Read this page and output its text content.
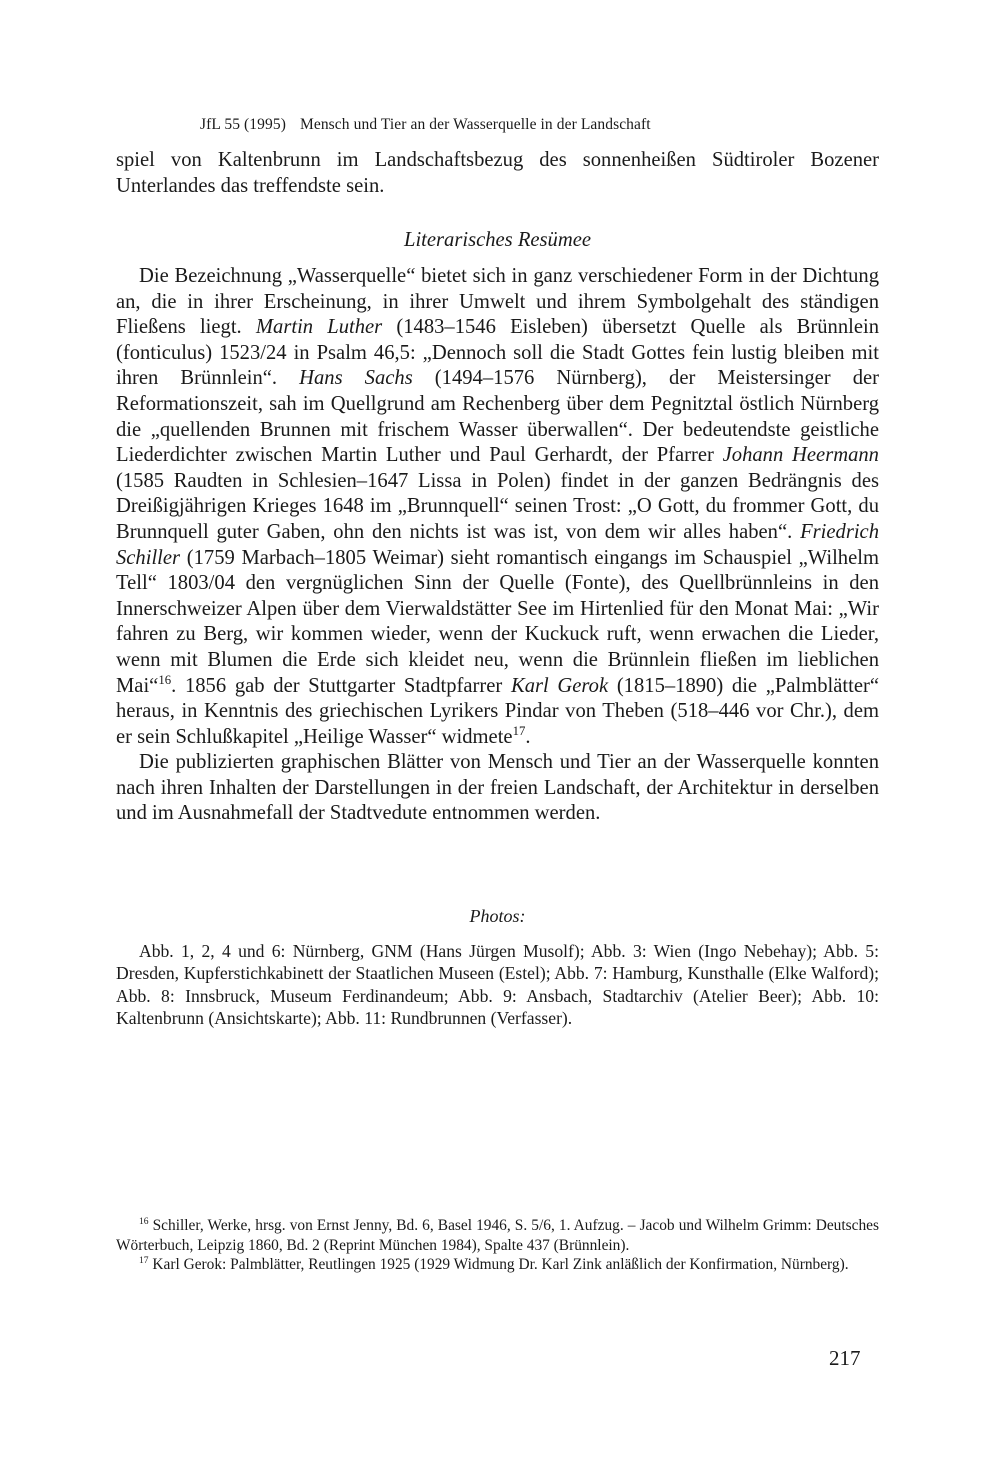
JfL 55 (1995) Mensch und Tier an der Wasserquelle in der Landschaft

spiel von Kaltenbrunn im Landschaftsbezug des sonnenheißen Südtiroler Bozener Unterlandes das treffendste sein.

Literarisches Resümee

Die Bezeichnung „Wasserquelle“ bietet sich in ganz verschiedener Form in der Dichtung an, die in ihrer Erscheinung, in ihrer Umwelt und ihrem Symbolgehalt des ständigen Fließens liegt. Martin Luther (1483–1546 Eisleben) übersetzt Quelle als Brünnlein (fonticulus) 1523/24 in Psalm 46,5: „Dennoch soll die Stadt Gottes fein lustig bleiben mit ihren Brünnlein“. Hans Sachs (1494–1576 Nürnberg), der Meistersinger der Reformationszeit, sah im Quellgrund am Rechenberg über dem Pegnitztal östlich Nürnberg die „quellenden Brunnen mit frischem Wasser überwallen“. Der bedeutendste geistliche Liederdichter zwischen Martin Luther und Paul Gerhardt, der Pfarrer Johann Heermann (1585 Raudten in Schlesien–1647 Lissa in Polen) findet in der ganzen Bedrängnis des Dreißigjährigen Krieges 1648 im „Brunnquell“ seinen Trost: „O Gott, du frommer Gott, du Brunnquell guter Gaben, ohn den nichts ist was ist, von dem wir alles haben“. Friedrich Schiller (1759 Marbach–1805 Weimar) sieht romantisch eingangs im Schauspiel „Wilhelm Tell“ 1803/04 den vergnüglichen Sinn der Quelle (Fonte), des Quellbrünnleins in den Innerschweizer Alpen über dem Vierwaldstätter See im Hirtenlied für den Monat Mai: „Wir fahren zu Berg, wir kommen wieder, wenn der Kuckuck ruft, wenn erwachen die Lieder, wenn mit Blumen die Erde sich kleidet neu, wenn die Brünnlein fließen im lieblichen Mai“$^{16}$. 1856 gab der Stuttgarter Stadtpfarrer Karl Gerok (1815–1890) die „Palmblätter“ heraus, in Kenntnis des griechischen Lyrikers Pindar von Theben (518–446 vor Chr.), dem er sein Schlußkapitel „Heilige Wasser“ widmete$^{17}$.

Die publizierten graphischen Blätter von Mensch und Tier an der Wasserquelle konnten nach ihren Inhalten der Darstellungen in der freien Landschaft, der Architektur in derselben und im Ausnahmefall der Stadtvedute entnommen werden.

Photos:

Abb. 1, 2, 4 und 6: Nürnberg, GNM (Hans Jürgen Musolf); Abb. 3: Wien (Ingo Nebehay); Abb. 5: Dresden, Kupferstichkabinett der Staatlichen Museen (Estel); Abb. 7: Hamburg, Kunsthalle (Elke Walford); Abb. 8: Innsbruck, Museum Ferdinandeum; Abb. 9: Ansbach, Stadtarchiv (Atelier Beer); Abb. 10: Kaltenbrunn (Ansichtskarte); Abb. 11: Rundbrunnen (Verfasser).

$^{16}$ Schiller, Werke, hrsg. von Ernst Jenny, Bd. 6, Basel 1946, S. 5/6, 1. Aufzug. – Jacob und Wilhelm Grimm: Deutsches Wörterbuch, Leipzig 1860, Bd. 2 (Reprint München 1984), Spalte 437 (Brünnlein).

$^{17}$ Karl Gerok: Palmblätter, Reutlingen 1925 (1929 Widmung Dr. Karl Zink anläßlich der Konfirmation, Nürnberg).

217
